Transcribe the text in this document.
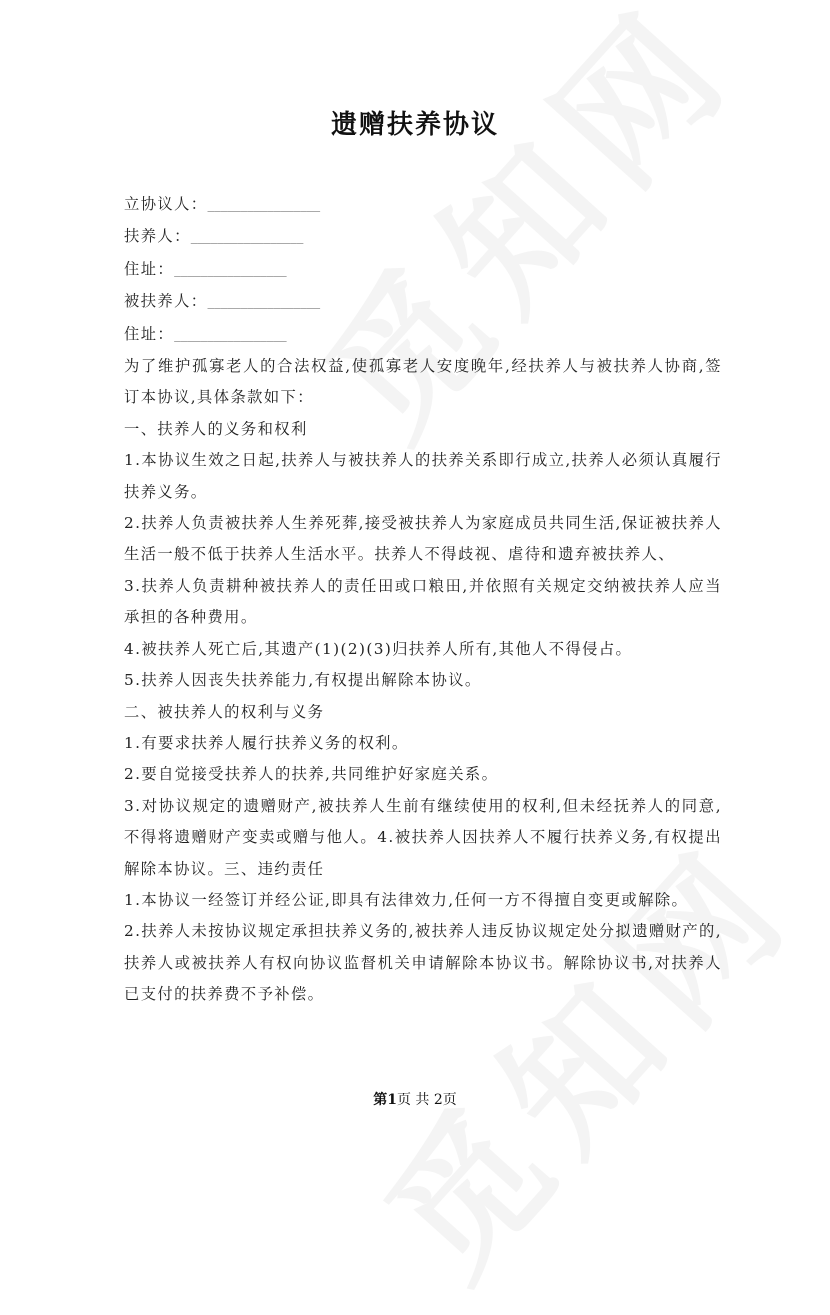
遗赠扶养协议
立协议人：_________________
扶养人：_________________
住址：_________________
被扶养人：_________________
住址：_________________

为了维护孤寡老人的合法权益,使孤寡老人安度晚年,经扶养人与被扶养人协商,签订本协议,具体条款如下：

一、扶养人的义务和权利

1.本协议生效之日起,扶养人与被扶养人的扶养关系即行成立,扶养人必须认真履行扶养义务。

2.扶养人负责被扶养人生养死葬,接受被扶养人为家庭成员共同生活,保证被扶养人生活一般不低于扶养人生活水平。扶养人不得歧视、虐待和遗弃被扶养人、

3.扶养人负责耕种被扶养人的责任田或口粮田,并依照有关规定交纳被扶养人应当承担的各种费用。

4.被扶养人死亡后,其遗产(1)(2)(3)归扶养人所有,其他人不得侵占。

5.扶养人因丧失扶养能力,有权提出解除本协议。

二、被扶养人的权利与义务

1.有要求扶养人履行扶养义务的权利。

2.要自觉接受扶养人的扶养,共同维护好家庭关系。

3.对协议规定的遗赠财产,被扶养人生前有继续使用的权利,但未经抚养人的同意,不得将遗赠财产变卖或赠与他人。4.被扶养人因扶养人不履行扶养义务,有权提出解除本协议。三、违约责任

1.本协议一经签订并经公证,即具有法律效力,任何一方不得擅自变更或解除。

2.扶养人未按协议规定承担扶养义务的,被扶养人违反协议规定处分拟遗赠财产的,扶养人或被扶养人有权向协议监督机关申请解除本协议书。解除协议书,对扶养人已支付的扶养费不予补偿。

第1页 共 2页
